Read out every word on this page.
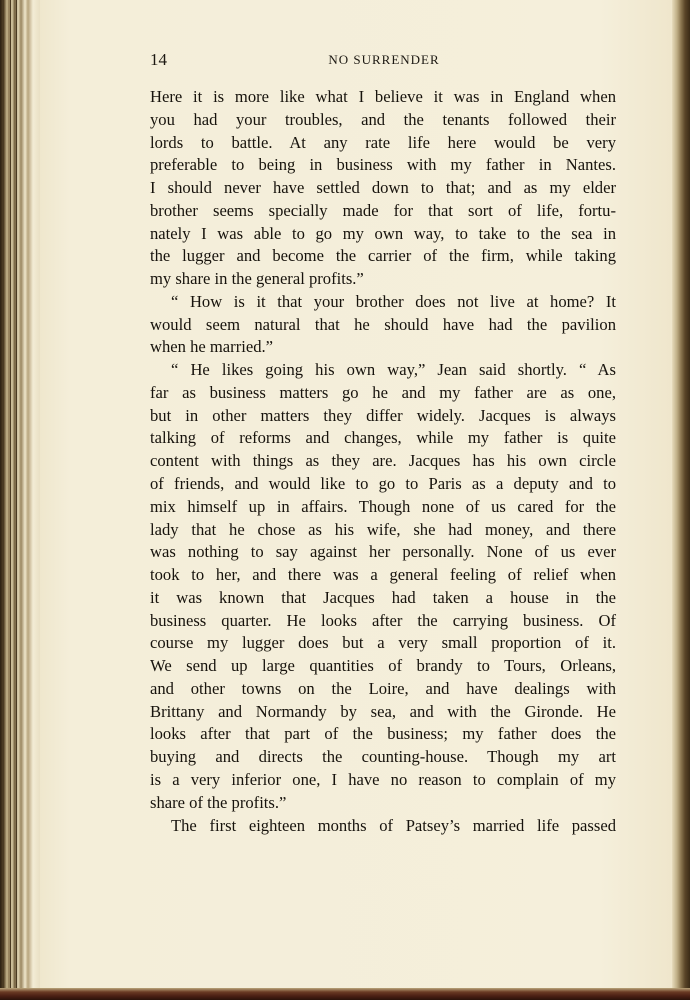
14	NO SURRENDER
Here it is more like what I believe it was in England when
you had your troubles, and the tenants followed their
lords to battle. At any rate life here would be very
preferable to being in business with my father in Nantes.
I should never have settled down to that; and as my elder
brother seems specially made for that sort of life, fortu-
nately I was able to go my own way, to take to the sea in
the lugger and become the carrier of the firm, while taking
my share in the general profits.”
“ How is it that your brother does not live at home? It
would seem natural that he should have had the pavilion
when he married.”
“ He likes going his own way,” Jean said shortly. “ As
far as business matters go he and my father are as one,
but in other matters they differ widely. Jacques is always
talking of reforms and changes, while my father is quite
content with things as they are. Jacques has his own circle
of friends, and would like to go to Paris as a deputy and to
mix himself up in affairs. Though none of us cared for the
lady that he chose as his wife, she had money, and there
was nothing to say against her personally. None of us ever
took to her, and there was a general feeling of relief when
it was known that Jacques had taken a house in the
business quarter. He looks after the carrying business. Of
course my lugger does but a very small proportion of it.
We send up large quantities of brandy to Tours, Orleans,
and other towns on the Loire, and have dealings with
Brittany and Normandy by sea, and with the Gironde. He
looks after that part of the business; my father does the
buying and directs the counting-house. Though my art
is a very inferior one, I have no reason to complain of my
share of the profits.”
The first eighteen months of Patsey’s married life passed
